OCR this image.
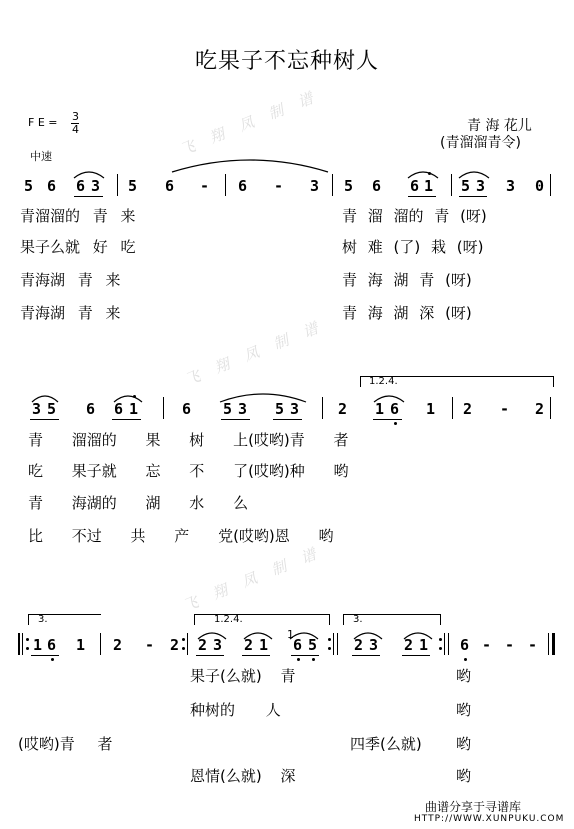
吃果子不忘种树人
飞 翔 凤 制 谱
飞 翔 凤 制 谱
飞 翔 凤 制 谱
F E = 3
4
中速
青 海 花儿
(青溜溜青令)
5 6 6 3 5 6 - 6 - 3 5 6 6 1 5 3 3 0
青溜溜的 青 来
果子么就 好 吃
青海湖 青 来
青海湖 青 来
青 溜 溜的 青 (呀)
树 难 (了) 栽 (呀)
青 海 湖 青 (呀)
青 海 湖 深 (呀)
1.2.4.
3 5 6 6 1	6 5 3 5 3	2 1 6 1 2 - 2
青 溜溜的 果 树 上(哎哟)青 者
吃 果子就 忘 不 了(哎哟)种 哟
青 海湖的 湖 水 么
比 不过 共 产 党(哎哟)恩 哟
3.	1.2.4.	3.
1 6 1 2 - 2 2 3 2 1
1
6 5 2 3 2 1 6 - - -
果子(么就) 青
种树的 人
(哎哟)青 者	四季(么就)
恩情(么就) 深
哟
哟
哟
哟
曲谱分享于寻谱库
HTTP://WWW.XUNPUKU.COM
